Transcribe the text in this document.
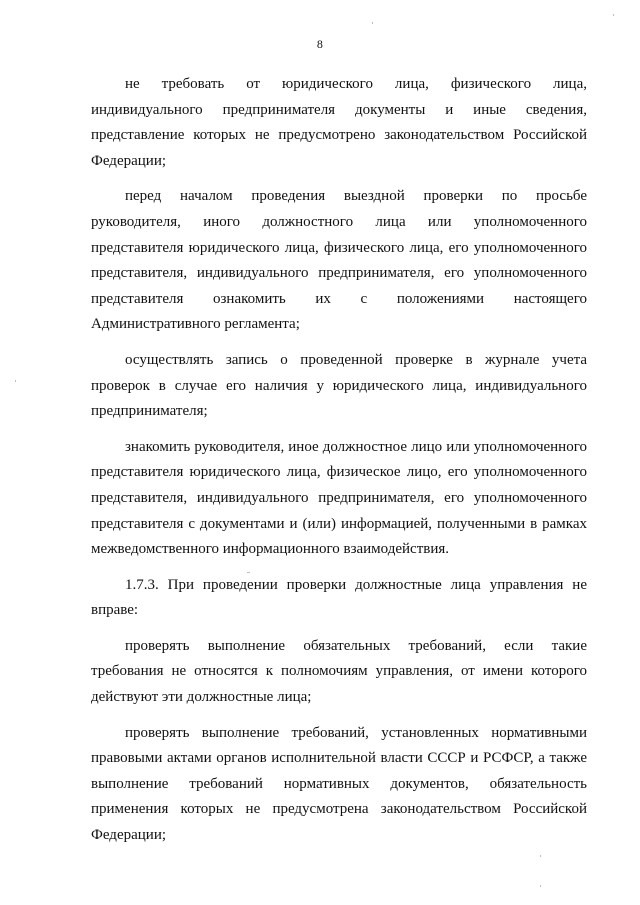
8

не требовать от юридического лица, физического лица, индивидуального предпринимателя документы и иные сведения, представление которых не предусмотрено законодательством Российской Федерации;

перед началом проведения выездной проверки по просьбе руководителя, иного должностного лица или уполномоченного представителя юридического лица, физического лица, его уполномоченного представителя, индивидуального предпринимателя, его уполномоченного представителя ознакомить их с положениями настоящего Административного регламента;

осуществлять запись о проведенной проверке в журнале учета проверок в случае его наличия у юридического лица, индивидуального предпринимателя;

знакомить руководителя, иное должностное лицо или уполномоченного представителя юридического лица, физическое лицо, его уполномоченного представителя, индивидуального предпринимателя, его уполномоченного представителя с документами и (или) информацией, полученными в рамках межведомственного информационного взаимодействия.

1.7.3. При проведении проверки должностные лица управления не вправе:

проверять выполнение обязательных требований, если такие требования не относятся к полномочиям управления, от имени которого действуют эти должностные лица;

проверять выполнение требований, установленных нормативными правовыми актами органов исполнительной власти СССР и РСФСР, а также выполнение требований нормативных документов, обязательность применения которых не предусмотрена законодательством Российской Федерации;
